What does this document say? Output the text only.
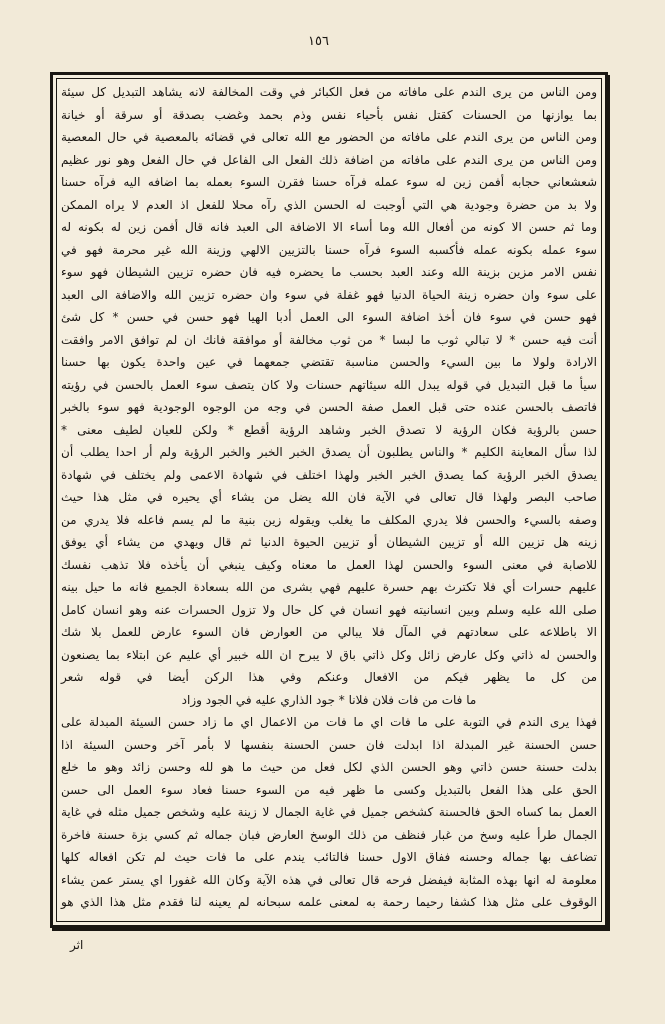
١٥٦
ومن الناس من يرى الندم على مافاته من فعل الكبائر في وقت المخالفة لانه يشاهد التبديل كل سيئة
بما يوازنها من الحسنات كقتل نفس بأحياء نفس وذم بحمد وغضب بصدقة أو سرقة أو خيانة
ومن الناس من يرى الندم على مافاته من الحضور مع الله تعالى في قضائه بالمعصية في حال المعصية
ومن الناس من يرى الندم على مافاته من اضافة ذلك الفعل الى الفاعل في حال الفعل وهو نور عظيم
شعشعاني حجابه أفمن زين له سوء عمله فرآه حسنا فقرن السوء بعمله بما اضافه اليه فرآه حسنا
ولا بد من حضرة وجودية هي التي أوجبت له الحسن الذي رآه محلا للفعل اذ العدم لا يراه الممكن
وما ثم حسن الا كونه من أفعال الله وما أساء الا الاضافة الى العبد فانه قال أفمن زين له بكونه له
سوء عمله بكونه عمله فأكسبه السوء فرآه حسنا بالتزيين الالهي وزينة الله غير محرمة فهو في
نفس الامر مزين بزينة الله وعند العبد بحسب ما يحضره فيه فان حضره تزيين الشيطان فهو سوء
على سوء وان حضره زينة الحياة الدنيا فهو غفلة في سوء وان حضره تزيين الله والاضافة الى العبد
فهو حسن في سوء فان أخذ اضافة السوء الى العمل أدبا الهيا فهو حسن في حسن * كل شئ
أنت فيه حسن * لا تبالي ثوب ما لبسا * من ثوب مخالفة أو موافقة فانك ان لم توافق الامر وافقت
الارادة ولولا ما بين السيء والحسن مناسبة تقتضي جمعهما في عين واحدة يكون بها حسنا
سيأ ما قبل التبديل في قوله يبدل الله سيئاتهم حسنات ولا كان يتصف سوء العمل بالحسن في رؤيته
فاتصف بالحسن عنده حتى قبل العمل صفة الحسن في وجه من الوجوه الوجودية فهو سوء بالخبر
حسن بالرؤية فكان الرؤية لا تصدق الخبر وشاهد الرؤية أقطع * ولكن للعيان لطيف معنى *
لذا سأل المعاينة الكليم * والناس يطلبون أن يصدق الخبر الخبر والخبر الرؤية ولم أر احدا يطلب أن
يصدق الخبر الرؤية كما يصدق الخبر الخبر ولهذا اختلف في شهادة الاعمى ولم يختلف في شهادة
صاحب البصر ولهذا قال تعالى في الآية فان الله يضل من يشاء أي يحيره في مثل هذا حيث
وصفه بالسيء والحسن فلا يدري المكلف ما يغلب ويقوله زين بنية ما لم يسم فاعله فلا يدري من
زينه هل تزيين الله أو تزيين الشيطان أو تزيين الحيوة الدنيا ثم قال ويهدي من يشاء أي يوفق
للاصابة في معنى السوء والحسن لهذا العمل ما معناه وكيف ينبغي أن يأخذه فلا تذهب نفسك
عليهم حسرات أي فلا تكترث بهم حسرة عليهم فهي بشرى من الله بسعادة الجميع فانه ما حيل بينه
صلى الله عليه وسلم وبين انسانيته فهو انسان في كل حال ولا تزول الحسرات عنه وهو انسان كامل
الا باطلاعه على سعادتهم في المآل فلا يبالي من العوارض فان السوء عارض للعمل بلا شك
والحسن له ذاتي وكل عارض زائل وكل ذاتي باق لا يبرح ان الله خبير أي عليم عن ابتلاء بما يصنعون
من كل ما يظهر فيكم من الافعال وعنكم وفي هذا الركن أيضا في قوله شعر
ما فات من فات فلان فلانا * جود الذاري عليه في الجود وزاد
فهذا يرى الندم في التوبة على ما فات اي ما فات من الاعمال اي ما زاد حسن السيئة المبدلة على
حسن الحسنة غير المبدلة اذا ابدلت فان حسن الحسنة بنفسها لا بأمر آخر وحسن السيئة اذا
بدلت حسنة حسن ذاتي وهو الحسن الذي لكل فعل من حيث ما هو لله وحسن زائد وهو ما خلع
الحق على هذا الفعل بالتبديل وكسى ما ظهر فيه من السوء حسنا فعاد سوء العمل الى حسن
العمل بما كساه الحق فالحسنة كشخص جميل في غاية الجمال لا زينة عليه وشخص جميل مثله في غاية
الجمال طرأ عليه وسخ من غبار فنظف من ذلك الوسخ العارض فبان جماله ثم كسي بزة حسنة فاخرة
تضاعف بها جماله وحسنه ففاق الاول حسنا فالتائب يندم على ما فات حيث لم تكن افعاله كلها
معلومة له انها بهذه المثابة فيفضل فرحه قال تعالى في هذه الآية وكان الله غفورا اي يستر عمن يشاء
الوقوف على مثل هذا كشفا رحيما رحمة به لمعنى علمه سبحانه لم يعينه لنا فقدم مثل هذا الذي هو
اثر
